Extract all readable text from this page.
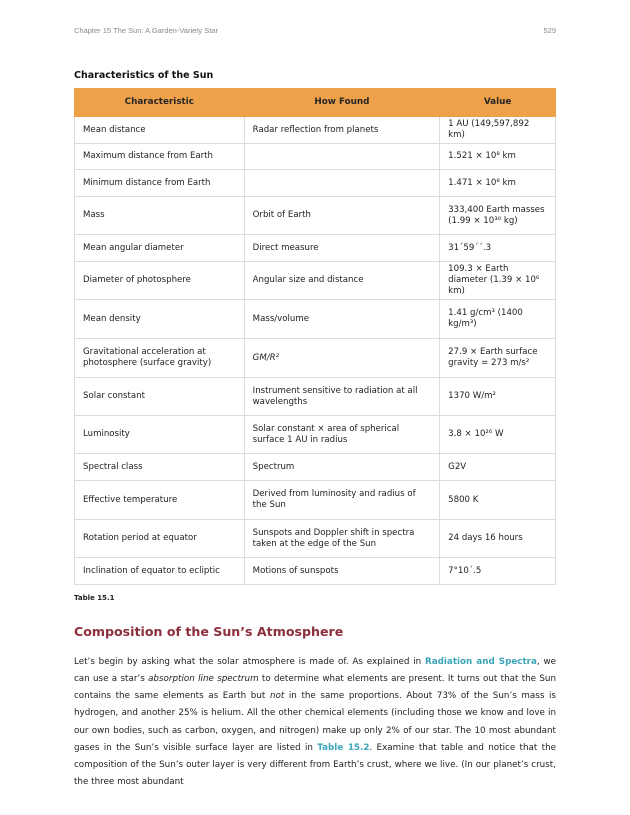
Chapter 15 The Sun: A Garden-Variety Star	529
Characteristics of the Sun
Characteristic	How Found	Value
Mean distance	Radar reflection from planets	1 AU (149,597,892 km)
Maximum distance from Earth		1.521 × 10⁸ km
Minimum distance from Earth		1.471 × 10⁸ km
Mass	Orbit of Earth	333,400 Earth masses (1.99 × 10³⁰ kg)
Mean angular diameter	Direct measure	31´59´´.3
Diameter of photosphere	Angular size and distance	109.3 × Earth diameter (1.39 × 10⁶ km)
Mean density	Mass/volume	1.41 g/cm³ (1400 kg/m³)
Gravitational acceleration at photosphere (surface gravity)	GM/R²	27.9 × Earth surface gravity = 273 m/s²
Solar constant	Instrument sensitive to radiation at all wavelengths	1370 W/m²
Luminosity	Solar constant × area of spherical surface 1 AU in radius	3.8 × 10²⁶ W
Spectral class	Spectrum	G2V
Effective temperature	Derived from luminosity and radius of the Sun	5800 K
Rotation period at equator	Sunspots and Doppler shift in spectra taken at the edge of the Sun	24 days 16 hours
Inclination of equator to ecliptic	Motions of sunspots	7°10´.5
Table 15.1
Composition of the Sun’s Atmosphere

Let’s begin by asking what the solar atmosphere is made of. As explained in Radiation and Spectra, we can use a star’s absorption line spectrum to determine what elements are present. It turns out that the Sun contains the same elements as Earth but not in the same proportions. About 73% of the Sun’s mass is hydrogen, and another 25% is helium. All the other chemical elements (including those we know and love in our own bodies, such as carbon, oxygen, and nitrogen) make up only 2% of our star. The 10 most abundant gases in the Sun’s visible surface layer are listed in Table 15.2. Examine that table and notice that the composition of the Sun’s outer layer is very different from Earth’s crust, where we live. (In our planet’s crust, the three most abundant
